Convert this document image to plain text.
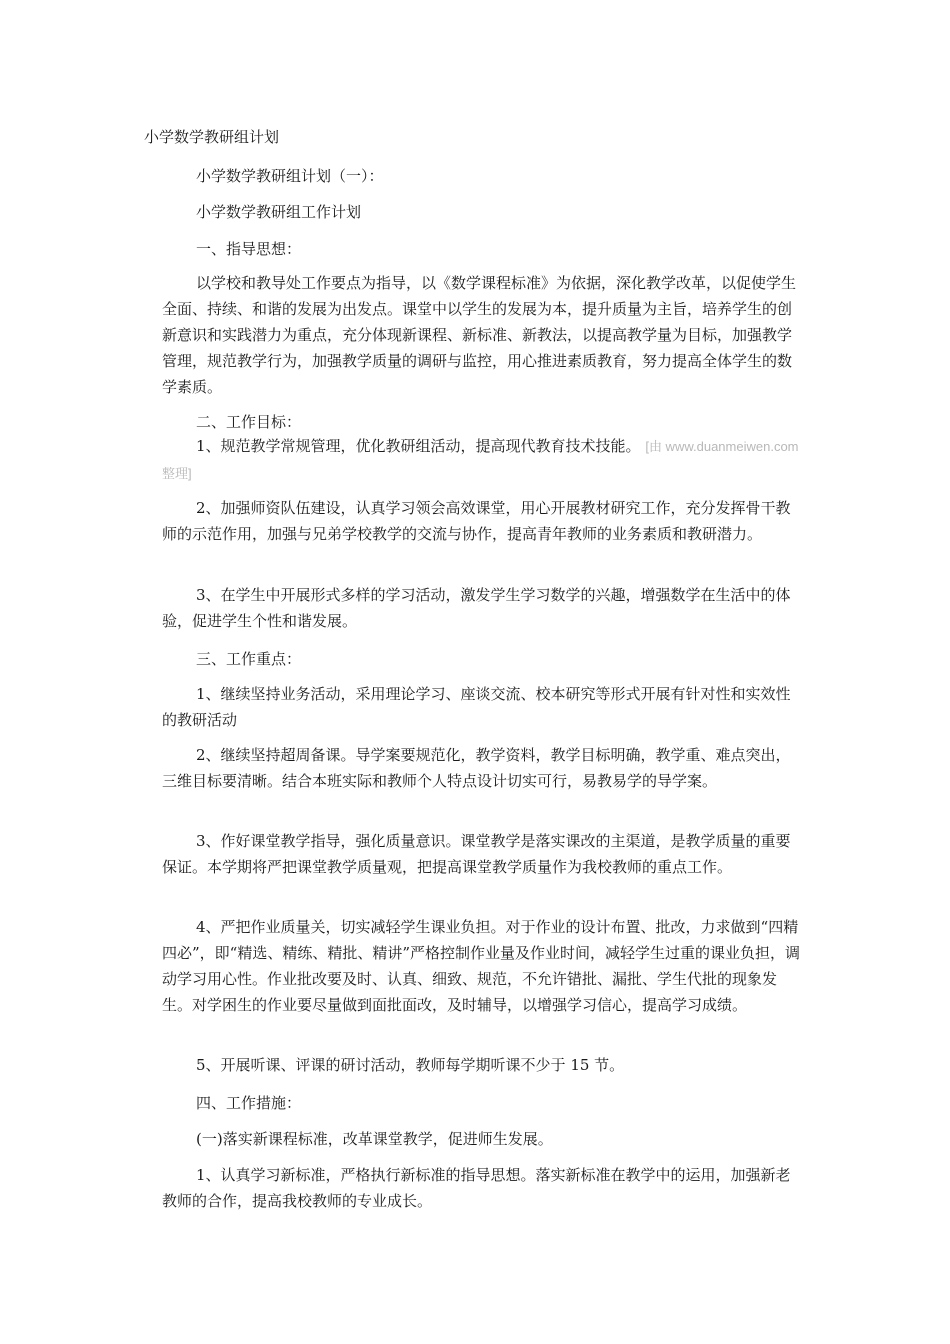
小学数学教研组计划

小学数学教研组计划（一）：

小学数学教研组工作计划

一、指导思想：

以学校和教导处工作要点为指导，以《数学课程标准》为依据，深化教学改革，以促使学生全面、持续、和谐的发展为出发点。课堂中以学生的发展为本，提升质量为主旨，培养学生的创新意识和实践潜力为重点，充分体现新课程、新标准、新教法，以提高教学量为目标，加强教学管理，规范教学行为，加强教学质量的调研与监控，用心推进素质教育，努力提高全体学生的数学素质。

二、工作目标：

1、规范教学常规管理，优化教研组活动，提高现代教育技术技能。 [由 www.duanmeiwen.com 整理]

2、加强师资队伍建设，认真学习领会高效课堂，用心开展教材研究工作，充分发挥骨干教师的示范作用，加强与兄弟学校教学的交流与协作，提高青年教师的业务素质和教研潜力。

3、在学生中开展形式多样的学习活动，激发学生学习数学的兴趣，增强数学在生活中的体验，促进学生个性和谐发展。

三、工作重点：

1、继续坚持业务活动，采用理论学习、座谈交流、校本研究等形式开展有针对性和实效性的教研活动

2、继续坚持超周备课。导学案要规范化，教学资料，教学目标明确，教学重、难点突出，三维目标要清晰。结合本班实际和教师个人特点设计切实可行，易教易学的导学案。

3、作好课堂教学指导，强化质量意识。课堂教学是落实课改的主渠道，是教学质量的重要保证。本学期将严把课堂教学质量观，把提高课堂教学质量作为我校教师的重点工作。

4、严把作业质量关，切实减轻学生课业负担。对于作业的设计布置、批改，力求做到“四精四必”，即“精选、精练、精批、精讲”严格控制作业量及作业时间，减轻学生过重的课业负担，调动学习用心性。作业批改要及时、认真、细致、规范，不允许错批、漏批、学生代批的现象发生。对学困生的作业要尽量做到面批面改，及时辅导，以增强学习信心，提高学习成绩。

5、开展听课、评课的研讨活动，教师每学期听课不少于 15 节。

四、工作措施：

(一)落实新课程标准，改革课堂教学，促进师生发展。

1、认真学习新标准，严格执行新标准的指导思想。落实新标准在教学中的运用，加强新老教师的合作，提高我校教师的专业成长。
